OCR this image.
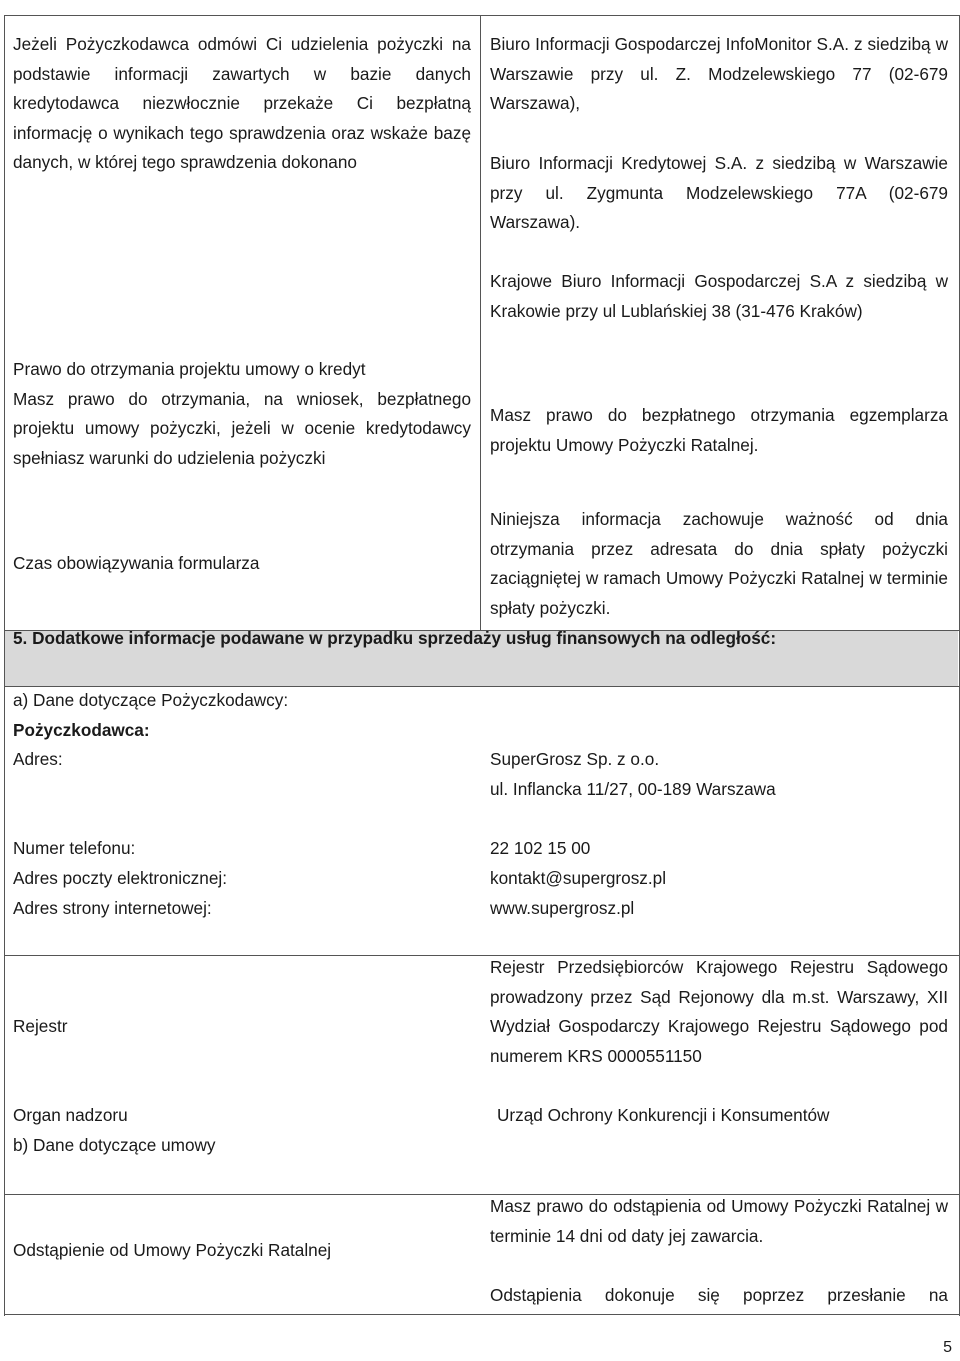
Jeżeli Pożyczkodawca odmówi Ci udzielenia pożyczki na podstawie informacji zawartych w bazie danych kredytodawca niezwłocznie przekaże Ci bezpłatną informację o wynikach tego sprawdzenia oraz wskaże bazę danych, w której tego sprawdzenia dokonano

Biuro Informacji Gospodarczej InfoMonitor S.A. z siedzibą w Warszawie przy ul. Z. Modzelewskiego 77 (02-679 Warszawa),

Biuro Informacji Kredytowej S.A. z siedzibą w Warszawie przy ul. Zygmunta Modzelewskiego 77A (02-679 Warszawa).

Krajowe Biuro Informacji Gospodarczej S.A z siedzibą w Krakowie przy ul Lublańskiej 38 (31-476 Kraków)

Prawo do otrzymania projektu umowy o kredyt
Masz prawo do otrzymania, na wniosek, bezpłatnego projektu umowy pożyczki, jeżeli w ocenie kredytodawcy spełniasz warunki do udzielenia pożyczki

Masz prawo do bezpłatnego otrzymania egzemplarza projektu Umowy Pożyczki Ratalnej.

Czas obowiązywania formularza

Niniejsza informacja zachowuje ważność od dnia otrzymania przez adresata do dnia spłaty pożyczki zaciągniętej w ramach Umowy Pożyczki Ratalnej w terminie spłaty pożyczki.

5. Dodatkowe informacje podawane w przypadku sprzedaży usług finansowych na odległość:

a) Dane dotyczące Pożyczkodawcy:

Pożyczkodawca:

Adres:	SuperGrosz Sp. z o.o.

ul. Inflancka 11/27, 00-189 Warszawa

Numer telefonu:

Adres poczty elektronicznej:

Adres strony internetowej:

22 102 15 00

kontakt@supergrosz.pl

www.supergrosz.pl

Rejestr

Rejestr Przedsiębiorców Krajowego Rejestru Sądowego prowadzony przez Sąd Rejonowy dla m.st. Warszawy, XII Wydział Gospodarczy Krajowego Rejestru Sądowego pod numerem KRS 0000551150

Organ nadzoru	Urząd Ochrony Konkurencji i Konsumentów

b) Dane dotyczące umowy

Odstąpienie od Umowy Pożyczki Ratalnej

Masz prawo do odstąpienia od Umowy Pożyczki Ratalnej w terminie 14 dni od daty jej zawarcia.

Odstąpienia dokonuje się poprzez przesłanie na

5
